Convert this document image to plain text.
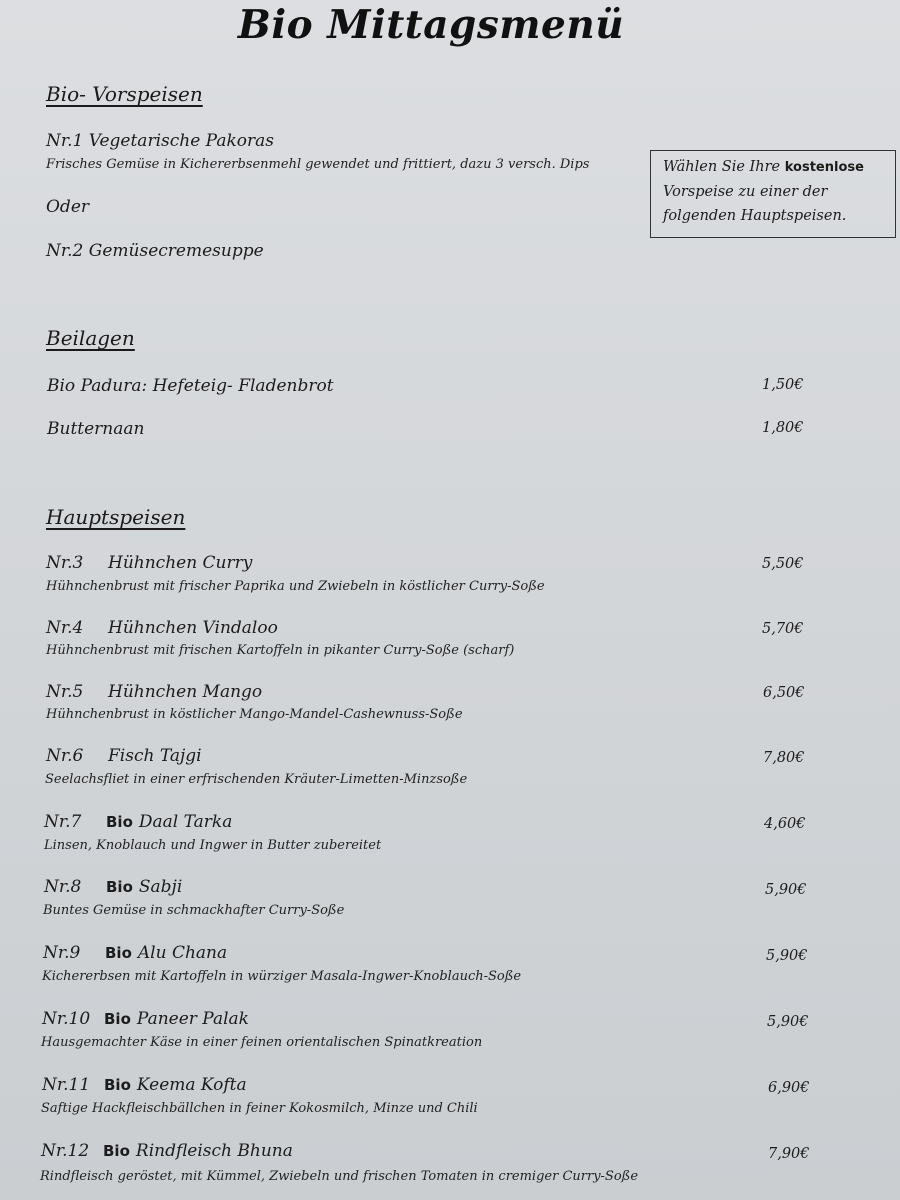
Bio Mittagsmenü
Bio- Vorspeisen
Nr.1 Vegetarische Pakoras
Frisches Gemüse in Kichererbsenmehl gewendet und frittiert, dazu 3 versch. Dips
Oder
Nr.2 Gemüsecremesuppe
Wählen Sie Ihre kostenlose
Vorspeise zu einer der
folgenden Hauptspeisen.
Beilagen
Bio Padura: Hefeteig- Fladenbrot	1,50€
Butternaan	1,80€
Hauptspeisen
Nr.3 Hühnchen Curry	5,50€
Hühnchenbrust mit frischer Paprika und Zwiebeln in köstlicher Curry-Soße
Nr.4 Hühnchen Vindaloo	5,70€
Hühnchenbrust mit frischen Kartoffeln in pikanter Curry-Soße (scharf)
Nr.5 Hühnchen Mango	6,50€
Hühnchenbrust in köstlicher Mango-Mandel-Cashewnuss-Soße
Nr.6 Fisch Tajgi	7,80€
Seelachsfliet in einer erfrischenden Kräuter-Limetten-Minzsoße
Nr.7 Bio Daal Tarka	4,60€
Linsen, Knoblauch und Ingwer in Butter zubereitet
Nr.8 Bio Sabji	5,90€
Buntes Gemüse in schmackhafter Curry-Soße
Nr.9 Bio Alu Chana	5,90€
Kichererbsen mit Kartoffeln in würziger Masala-Ingwer-Knoblauch-Soße
Nr.10 Bio Paneer Palak	5,90€
Hausgemachter Käse in einer feinen orientalischen Spinatkreation
Nr.11 Bio Keema Kofta	6,90€
Saftige Hackfleischbällchen in feiner Kokosmilch, Minze und Chili
Nr.12 Bio Rindfleisch Bhuna	7,90€
Rindfleisch geröstet, mit Kümmel, Zwiebeln und frischen Tomaten in cremiger Curry-Soße
